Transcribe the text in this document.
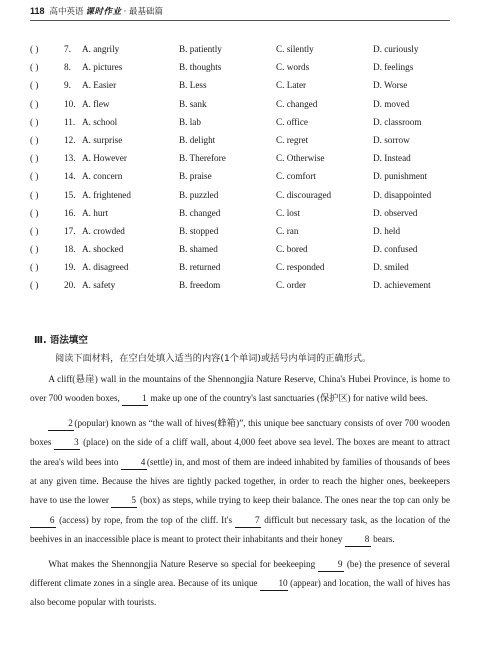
118 高中英语 课时作业 · 最基础篇
( )	7. A. angrily	B. patiently	C. silently	D. curiously
( )	8. A. pictures	B. thoughts	C. words	D. feelings
( )	9. A. Easier	B. Less	C. Later	D. Worse
( )	10. A. flew	B. sank	C. changed	D. moved
( )	11. A. school	B. lab	C. office	D. classroom
( )	12. A. surprise	B. delight	C. regret	D. sorrow
( )	13. A. However	B. Therefore	C. Otherwise	D. Instead
( )	14. A. concern	B. praise	C. comfort	D. punishment
( )	15. A. frightened	B. puzzled	C. discouraged	D. disappointed
( )	16. A. hurt	B. changed	C. lost	D. observed
( )	17. A. crowded	B. stopped	C. ran	D. held
( )	18. A. shocked	B. shamed	C. bored	D. confused
( )	19. A. disagreed	B. returned	C. responded	D. smiled
( )	20. A. safety	B. freedom	C. order	D. achievement
Ⅲ. 语法填空
阅读下面材料，在空白处填入适当的内容(1个单词)或括号内单词的正确形式。

A cliff(悬崖) wall in the mountains of the Shennongjia Nature Reserve, China's Hubei Province, is home to over 700 wooden boxes, 1 make up one of the country's last sanctuaries (保护区) for native wild bees.

2 (popular) known as “the wall of hives(蜂箱)”, this unique bee sanctuary consists of over 700 wooden boxes 3 (place) on the side of a cliff wall, about 4,000 feet above sea level. The boxes are meant to attract the area's wild bees into 4 (settle) in, and most of them are indeed inhabited by families of thousands of bees at any given time. Because the hives are tightly packed together, in order to reach the higher ones, beekeepers have to use the lower 5 (box) as steps, while trying to keep their balance. The ones near the top can only be 6 (access) by rope, from the top of the cliff. It's 7 difficult but necessary task, as the location of the beehives in an inaccessible place is meant to protect their inhabitants and their honey 8 bears.

What makes the Shennongjia Nature Reserve so special for beekeeping 9 (be) the presence of several different climate zones in a single area. Because of its unique 10 (appear) and location, the wall of hives has also become popular with tourists.
